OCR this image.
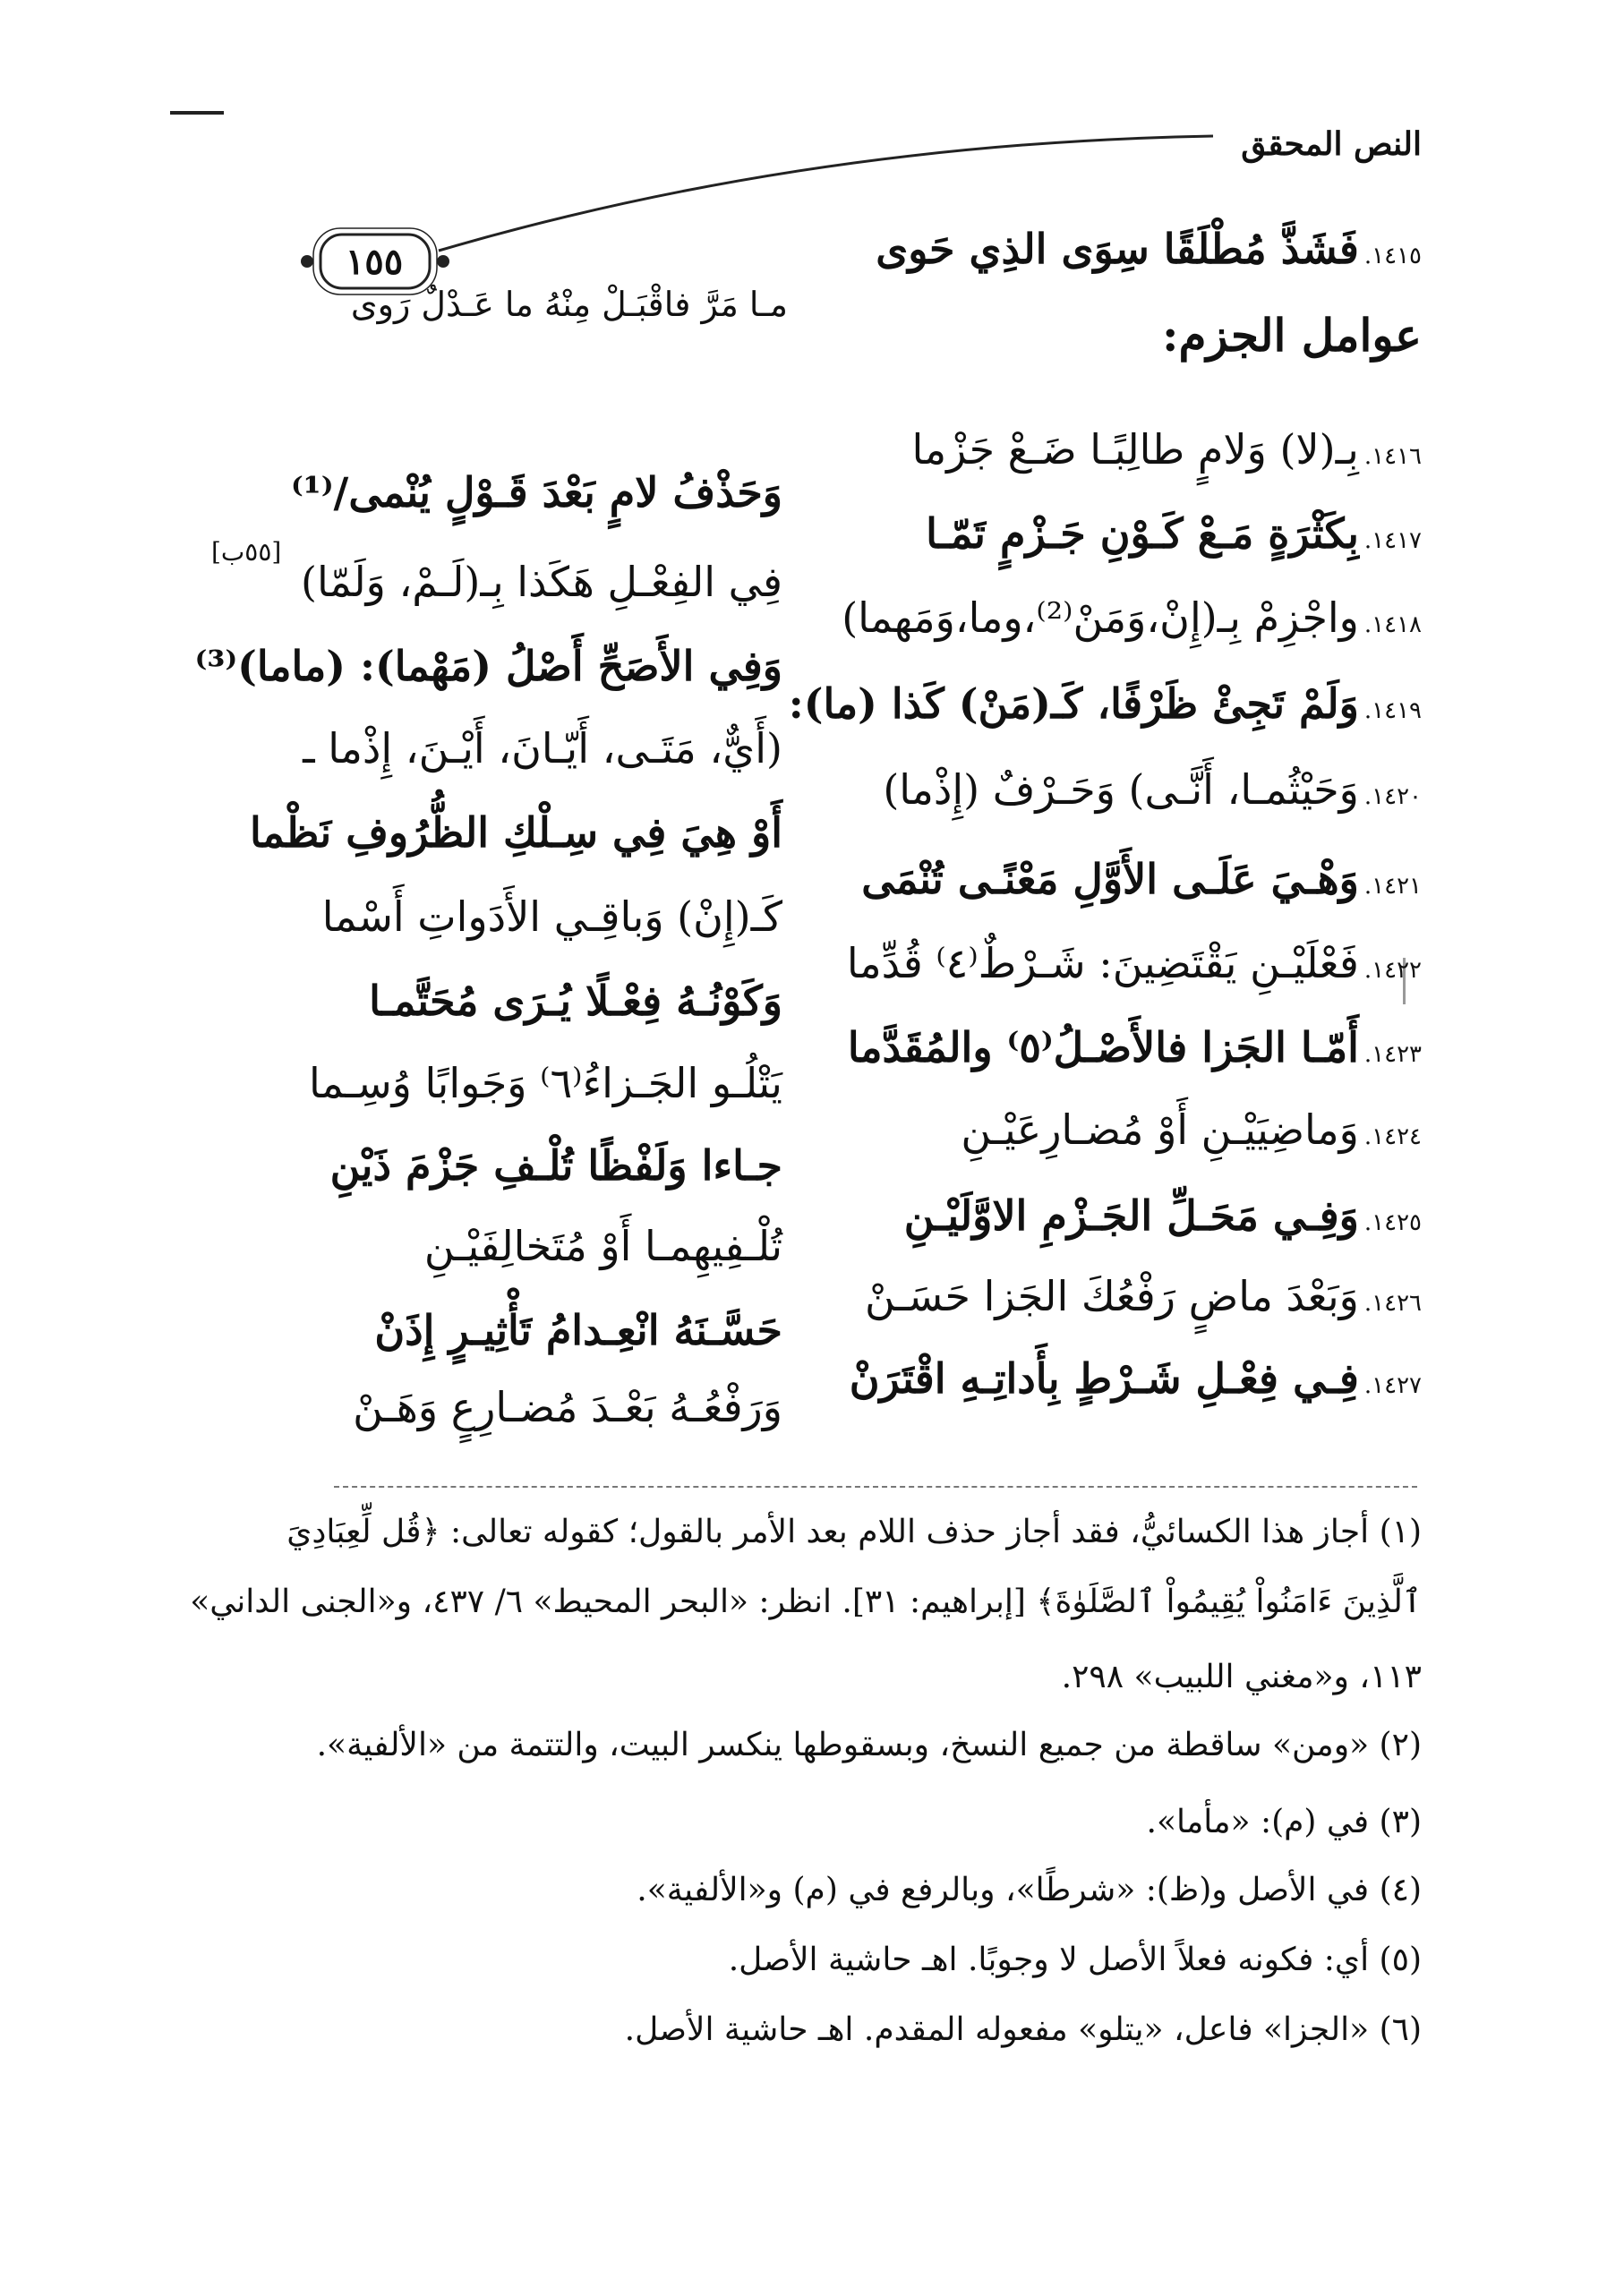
النص المحقق
١٥٥	١٤١٥.فَشَذَّ مُطْلَقًا سِوَى الذِي حَوى
مـا مَرَّ فاقْبَـلْ مِنْهُ ما عَـدْلٌ رَوى
عوامل الجزم:
[٥٥ب]
١٤١٦.بِـ(لا) وَلامٍ طالِبًـا ضَـعْ جَزْما
وَحَذْفُ لامٍ بَعْدَ قَـوْلٍ يُنْمى/⁽¹⁾
١٤١٧.بِكَثْرَةٍ مَـعْ كَـوْنِ جَـزْمٍ تَمّـا
فِي الفِعْـلِ هَكَذا بِـ(لَـمْ، وَلَمّا)
١٤١٨.واجْزِمْ بِـ(إِنْ،وَمَنْ⁽²⁾،وما،وَمَهما)
وَفِي الأَصَحِّ أَصْلُ (مَهْما): (ماما)⁽³⁾
١٤١٩.وَلَمْ تَجِئْ ظَرْفًا، كَـ(مَنْ) كَذا (ما):
(أَيٌّ، مَتَـى، أَيّـانَ، أَيْـنَ، إِذْما ـ
١٤٢٠.وَحَيْثُمـا، أَنَّـى) وَحَـرْفٌ (إِذْما)
أَوْ هِيَ فِي سِـلْكِ الظُّرُوفِ نَظْما
١٤٢١.وَهْـيَ عَلَـى الأَوَّلِ مَعْنًـى تُنْمَى
كَـ(إِنْ) وَباقِـي الأَدَواتِ أَسْما
١٤٢٢.فَعْلَيْـنِ يَقْتَضِينَ: شَـرْطٌ⁽٤⁾ قُدِّما
وَكَوْنُـهُ فِعْـلًا يُـرَى مُحَتَّمـا
١٤٢٣.أَمّـا الجَزا فالأَصْـلُ⁽٥⁾ والمُقَدَّما
يَتْلُـو الجَـزاءُ⁽٦⁾ وَجَوابًا وُسِـما
١٤٢٤.وَماضِيَيْـنِ أَوْ مُضـارِعَيْـنِ
جـاءا وَلَفْظًا تُلْـفِ جَزْمَ ذَيْنِ
١٤٢٥.وَفِـي مَحَـلِّ الجَـزْمِ الاوَّلَيْـنِ
تُلْـفِيهِمـا أَوْ مُتَخالِفَيْـنِ
١٤٢٦.وَبَعْدَ ماضٍ رَفْعُكَ الجَزا حَسَـنْ
حَسَّـنَهُ انْعِـدامُ تَأْثِيـرٍ إِذَنْ
١٤٢٧.فِـي فِعْـلِ شَـرْطٍ بِأَداتِـهِ اقْتَرَنْ
وَرَفْعُـهُ بَعْـدَ مُضـارِعٍ وَهَـنْ
(١) أجاز هذا الكسائيُّ، فقد أجاز حذف اللام بعد الأمر بالقول؛ كقوله تعالى: ﴿قُل لِّعِبَادِيَ
ٱلَّذِينَ ءَامَنُواْ يُقِيمُواْ ٱلصَّلَوٰةَ﴾ [إبراهيم: ٣١]. انظر: «البحر المحيط» ٦/ ٤٣٧، و«الجنى الداني»
١١٣، و«مغني اللبيب» ٢٩٨.
(٢) «ومن» ساقطة من جميع النسخ، وبسقوطها ينكسر البيت، والتتمة من «الألفية».
(٣) في (م): «مأما».
(٤) في الأصل و(ظ): «شرطًا»، وبالرفع في (م) و«الألفية».
(٥) أي: فكونه فعلاً الأصل لا وجوبًا. اهـ حاشية الأصل.
(٦) «الجزا» فاعل، «يتلو» مفعوله المقدم. اهـ حاشية الأصل.
